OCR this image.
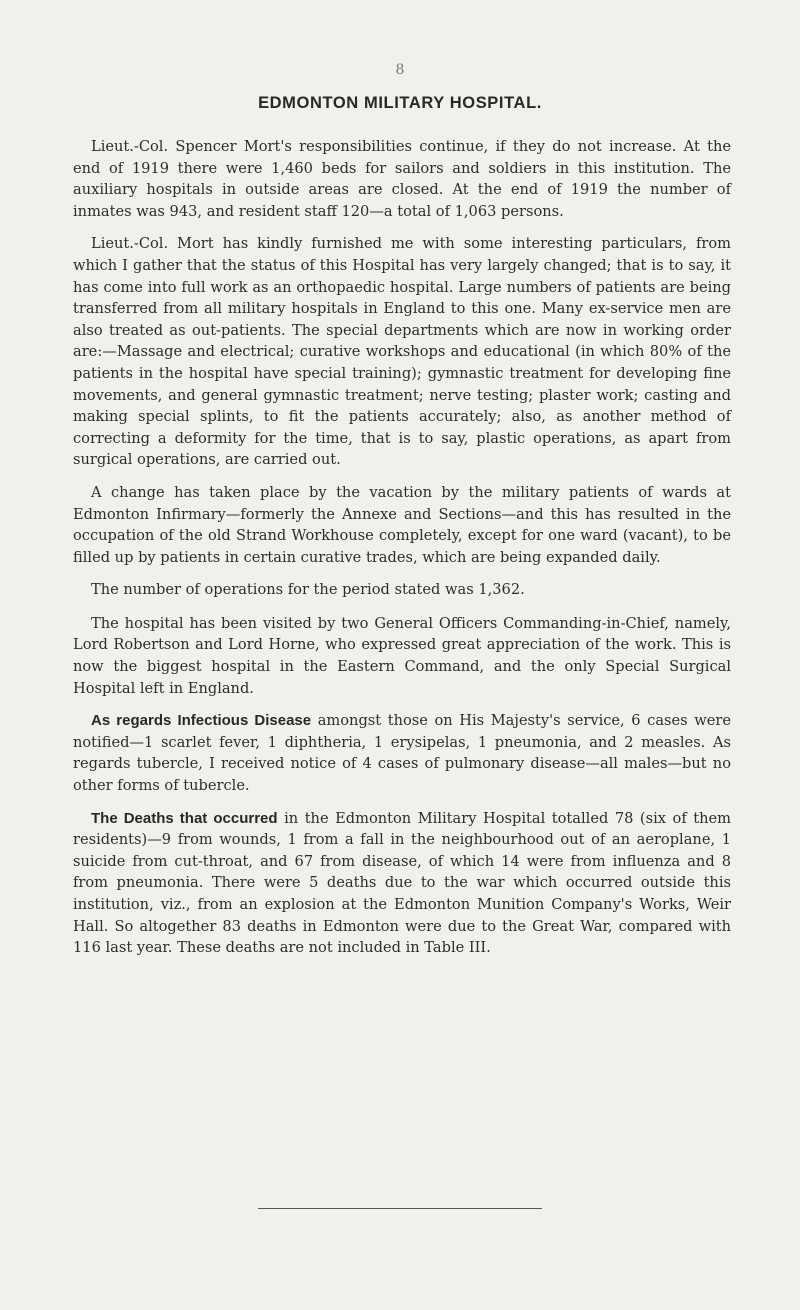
8
EDMONTON MILITARY HOSPITAL.

Lieut.-Col. Spencer Mort's responsibilities continue, if they do not increase. At the end of 1919 there were 1,460 beds for sailors and soldiers in this institution. The auxiliary hospitals in outside areas are closed. At the end of 1919 the number of inmates was 943, and resident staff 120—a total of 1,063 persons.

Lieut.-Col. Mort has kindly furnished me with some interesting particulars, from which I gather that the status of this Hospital has very largely changed; that is to say, it has come into full work as an orthopaedic hospital. Large numbers of patients are being transferred from all military hospitals in England to this one. Many ex-service men are also treated as out-patients. The special departments which are now in working order are:—Massage and electrical; curative workshops and educational (in which 80% of the patients in the hospital have special training); gymnastic treatment for developing fine movements, and general gymnastic treatment; nerve testing; plaster work; casting and making special splints, to fit the patients accurately; also, as another method of correcting a deformity for the time, that is to say, plastic operations, as apart from surgical operations, are carried out.

A change has taken place by the vacation by the military patients of wards at Edmonton Infirmary—formerly the Annexe and Sections—and this has resulted in the occupation of the old Strand Workhouse completely, except for one ward (vacant), to be filled up by patients in certain curative trades, which are being expanded daily.

The number of operations for the period stated was 1,362.

The hospital has been visited by two General Officers Commanding-in-Chief, namely, Lord Robertson and Lord Horne, who expressed great appreciation of the work. This is now the biggest hospital in the Eastern Command, and the only Special Surgical Hospital left in England.

As regards Infectious Disease amongst those on His Majesty's service, 6 cases were notified—1 scarlet fever, 1 diphtheria, 1 erysipelas, 1 pneumonia, and 2 measles. As regards tubercle, I received notice of 4 cases of pulmonary disease—all males—but no other forms of tubercle.

The Deaths that occurred in the Edmonton Military Hospital totalled 78 (six of them residents)—9 from wounds, 1 from a fall in the neighbourhood out of an aeroplane, 1 suicide from cut-throat, and 67 from disease, of which 14 were from influenza and 8 from pneumonia. There were 5 deaths due to the war which occurred outside this institution, viz., from an explosion at the Edmonton Munition Company's Works, Weir Hall. So altogether 83 deaths in Edmonton were due to the Great War, compared with 116 last year. These deaths are not included in Table III.
